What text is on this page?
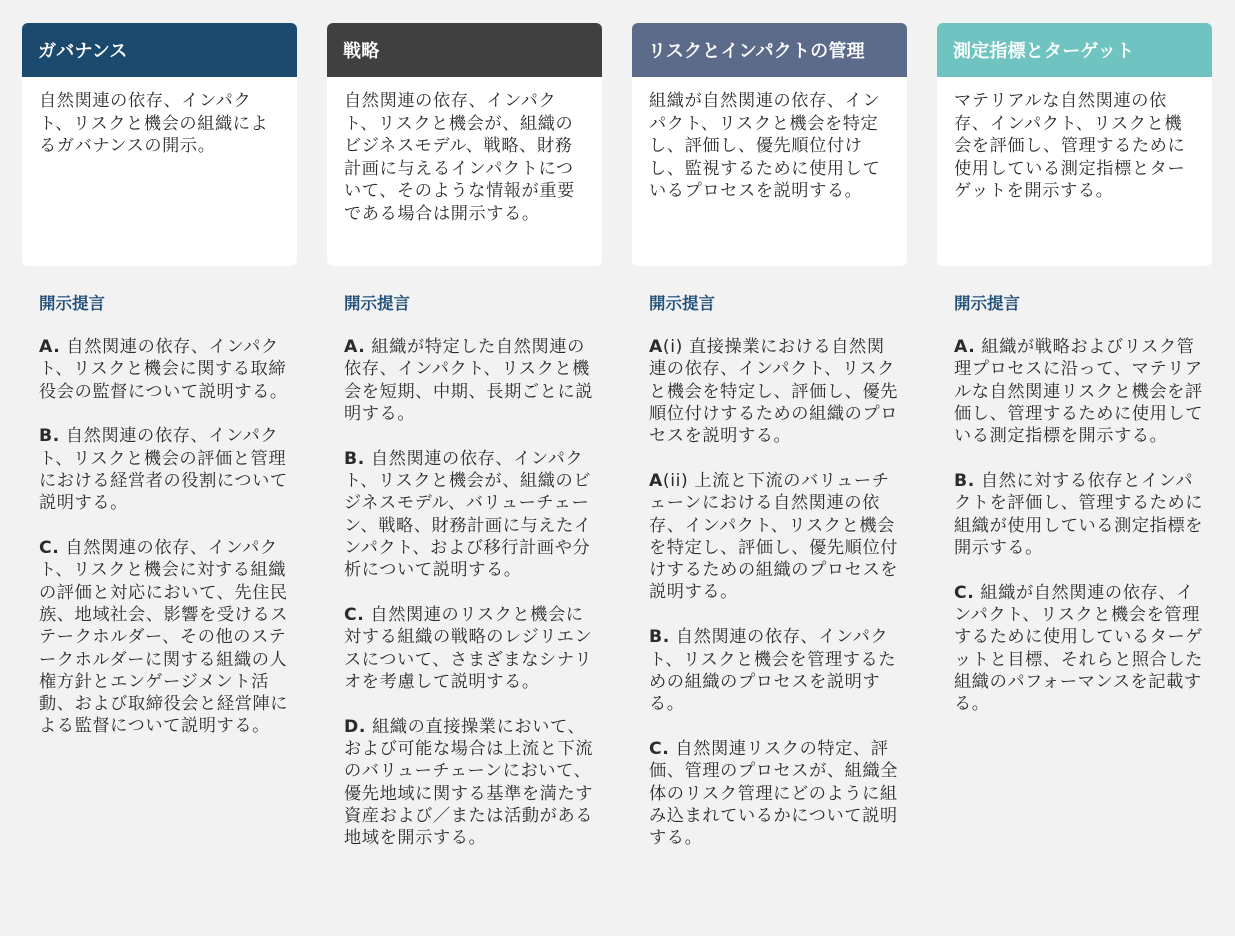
ガバナンス
自然関連の依存、インパクト、リスクと機会の組織によるガバナンスの開示。
開示提言
A. 自然関連の依存、インパクト、リスクと機会に関する取締役会の監督について説明する。
B. 自然関連の依存、インパクト、リスクと機会の評価と管理における経営者の役割について説明する。
C. 自然関連の依存、インパクト、リスクと機会に対する組織の評価と対応において、先住民族、地域社会、影響を受けるステークホルダー、その他のステークホルダーに関する組織の人権方針とエンゲージメント活動、および取締役会と経営陣による監督について説明する。
戦略
自然関連の依存、インパクト、リスクと機会が、組織のビジネスモデル、戦略、財務計画に与えるインパクトについて、そのような情報が重要である場合は開示する。
開示提言
A. 組織が特定した自然関連の依存、インパクト、リスクと機会を短期、中期、長期ごとに説明する。
B. 自然関連の依存、インパクト、リスクと機会が、組織のビジネスモデル、バリューチェーン、戦略、財務計画に与えたインパクト、および移行計画や分析について説明する。
C. 自然関連のリスクと機会に対する組織の戦略のレジリエンスについて、さまざまなシナリオを考慮して説明する。
D. 組織の直接操業において、および可能な場合は上流と下流のバリューチェーンにおいて、優先地域に関する基準を満たす資産および／または活動がある地域を開示する。
リスクとインパクトの管理
組織が自然関連の依存、インパクト、リスクと機会を特定し、評価し、優先順位付けし、監視するために使用しているプロセスを説明する。
開示提言
A(i) 直接操業における自然関連の依存、インパクト、リスクと機会を特定し、評価し、優先順位付けするための組織のプロセスを説明する。
A(ii) 上流と下流のバリューチェーンにおける自然関連の依存、インパクト、リスクと機会を特定し、評価し、優先順位付けするための組織のプロセスを説明する。
B. 自然関連の依存、インパクト、リスクと機会を管理するための組織のプロセスを説明する。
C. 自然関連リスクの特定、評価、管理のプロセスが、組織全体のリスク管理にどのように組み込まれているかについて説明する。
測定指標とターゲット
マテリアルな自然関連の依存、インパクト、リスクと機会を評価し、管理するために使用している測定指標とターゲットを開示する。
開示提言
A. 組織が戦略およびリスク管理プロセスに沿って、マテリアルな自然関連リスクと機会を評価し、管理するために使用している測定指標を開示する。
B. 自然に対する依存とインパクトを評価し、管理するために組織が使用している測定指標を開示する。
C. 組織が自然関連の依存、インパクト、リスクと機会を管理するために使用しているターゲットと目標、それらと照合した組織のパフォーマンスを記載する。
